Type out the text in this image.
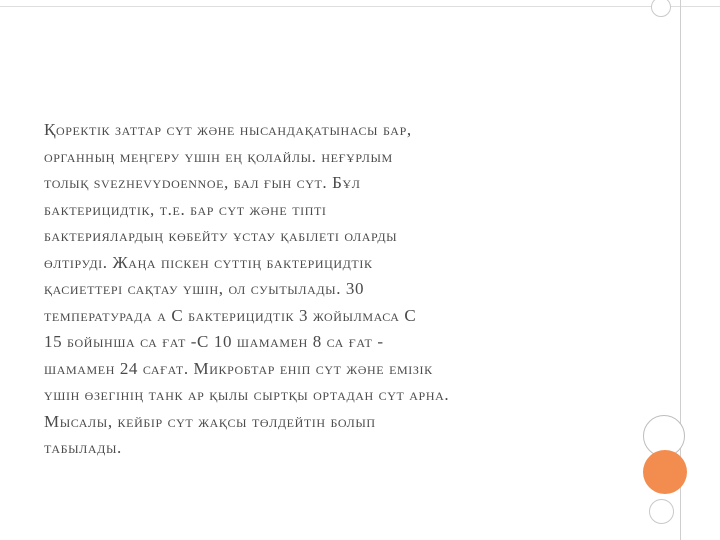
Қоректік заттар сүт және нысандақатынасы бар,
органның меңгеру үшін ең қолайлы. неғұрлым
толық svezhevydoennoe, бал ғын сүт. Бұл
бактерицидтік, т.е. бар сүт және тіпті
бактериялардың көбейту ұстау қабілеті оларды
өлтіруді. Жаңа піскен сүттің бактерицидтік
қасиеттері сақтау үшін, ол суытылады. 30
температурада а С бактерицидтік 3 жойылмаса С
15 бойынша са ғат -С 10 шамамен 8 са ғат -
шамамен 24 сағат. Микробтар еніп сүт және емізік
үшін өзегінің танк ар қылы сыртқы ортадан сүт арна.
Мысалы, кейбір сүт жақсы төлдейтін болып
табылады.
